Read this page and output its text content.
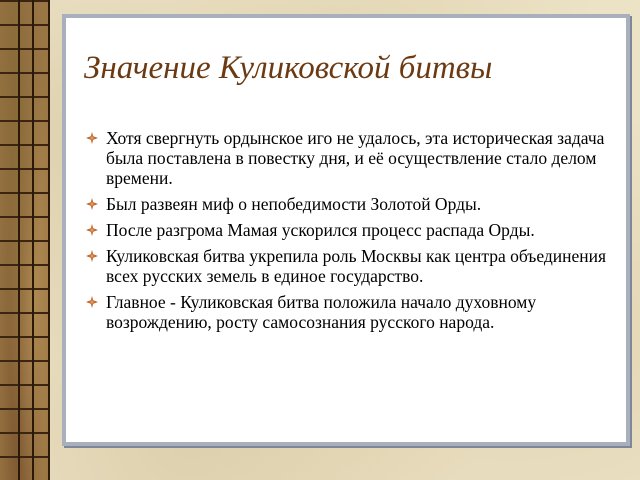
Значение Куликовской битвы
Хотя свергнуть ордынское иго не удалось, эта историческая задача была поставлена в повестку дня, и её осуществление стало делом времени.
Был развеян миф о непобедимости Золотой Орды.
После разгрома Мамая ускорился процесс распада Орды.
Куликовская битва укрепила роль Москвы как центра объединения всех русских земель в единое государство.
Главное - Куликовская битва положила начало духовному возрождению, росту самосознания русского народа.
